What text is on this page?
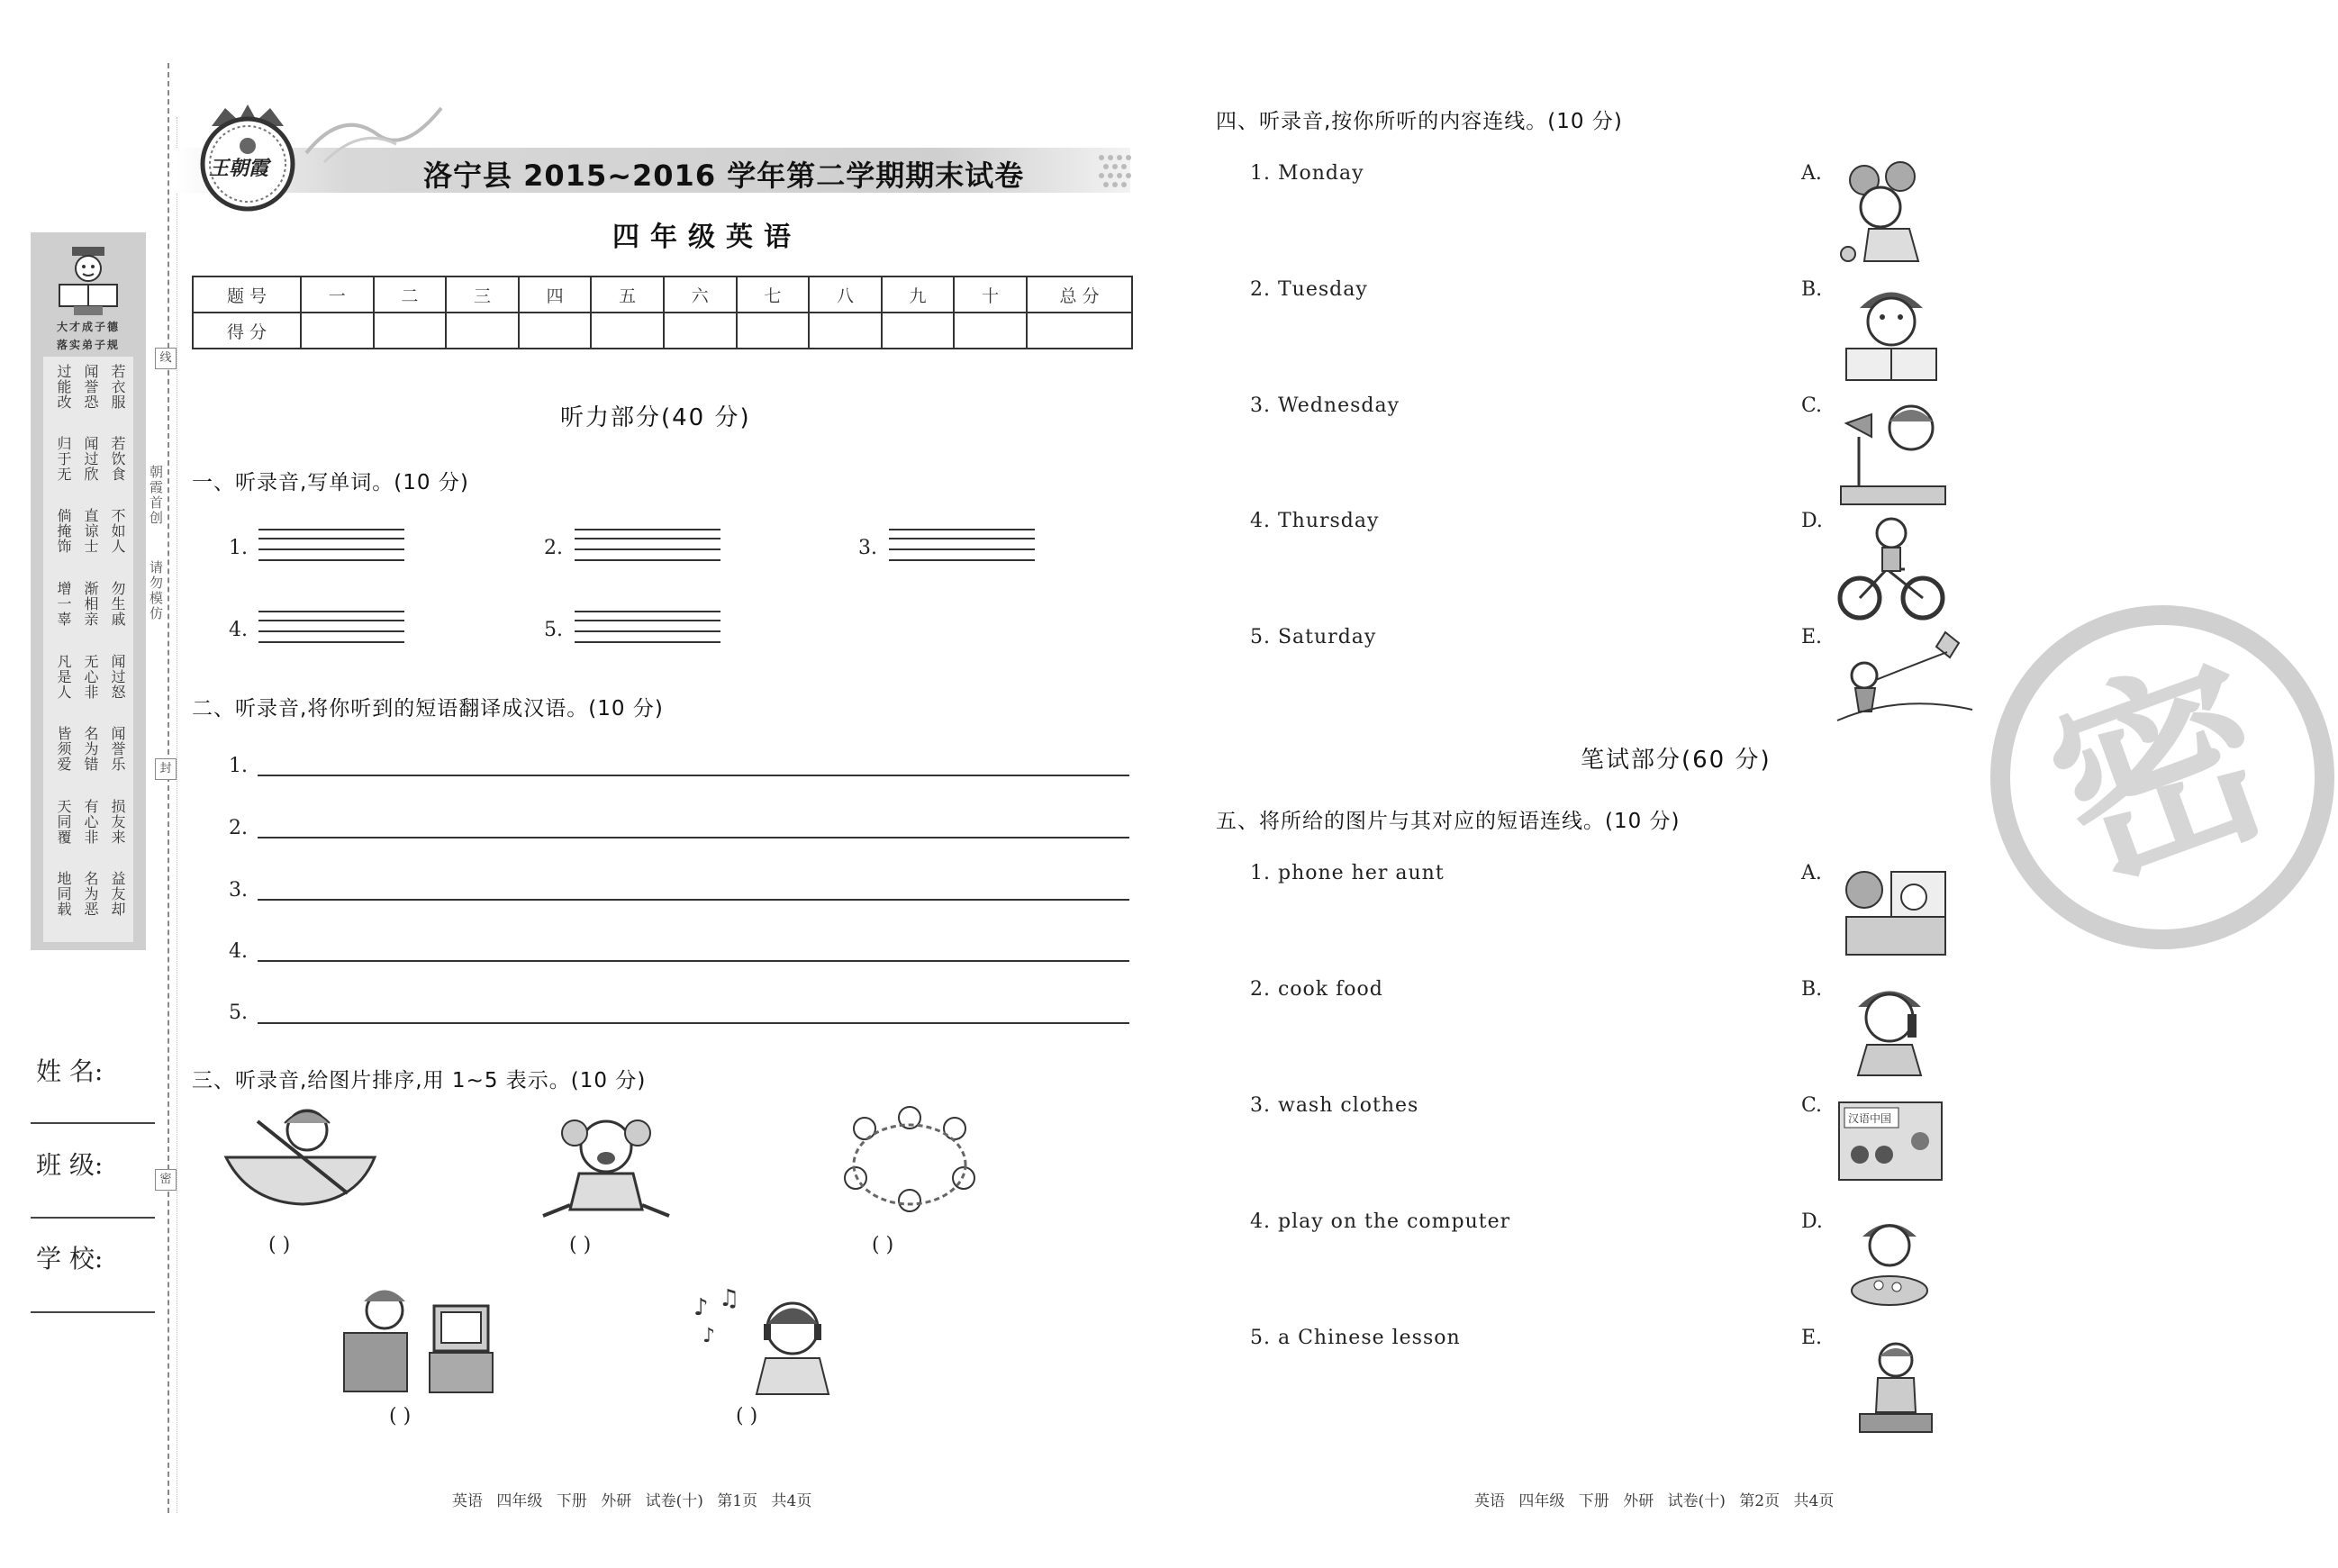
大才成子德
落实弟子规
过能改 闻誉恐 若衣服
归于无 闻过欣 若饮食
倘掩饰 直谅士 不如人
增一辜 渐相亲 勿生戚
凡是人 无心非 闻过怒
皆须爱 名为错 闻誉乐
天同覆 有心非 损友来
地同载 名为恶 益友却
朝霞首创
请勿模仿
线
封
密
姓 名:
班 级:
学 校:
王朝霞	洛宁县 2015~2016 学年第二学期期末试卷
四年级英语
题 号	一	二	三	四	五	六	七	八	九	十	总 分
得 分											
听力部分(40 分)
一、听录音,写单词。(10 分)
1.	2.	3.
4.	5.
二、听录音,将你听到的短语翻译成汉语。(10 分)
1.
2.
3.
4.
5.
三、听录音,给图片排序,用 1~5 表示。(10 分)
( )	( )	( )
( )
♪ ♫
♪
( )
四、听录音,按你所听的内容连线。(10 分)
1. Monday	A.
2. Tuesday	B.
3. Wednesday	C.
4. Thursday	D.
5. Saturday	E.
笔试部分(60 分)
五、将所给的图片与其对应的短语连线。(10 分)
1. phone her aunt	A.
2. cook food	B.
3. wash clothes	C.
4. play on the computer	D.
5. a Chinese lesson	E.
汉语中国
密
英语 四年级 下册 外研 试卷(十) 第1页 共4页	英语 四年级 下册 外研 试卷(十) 第2页 共4页
